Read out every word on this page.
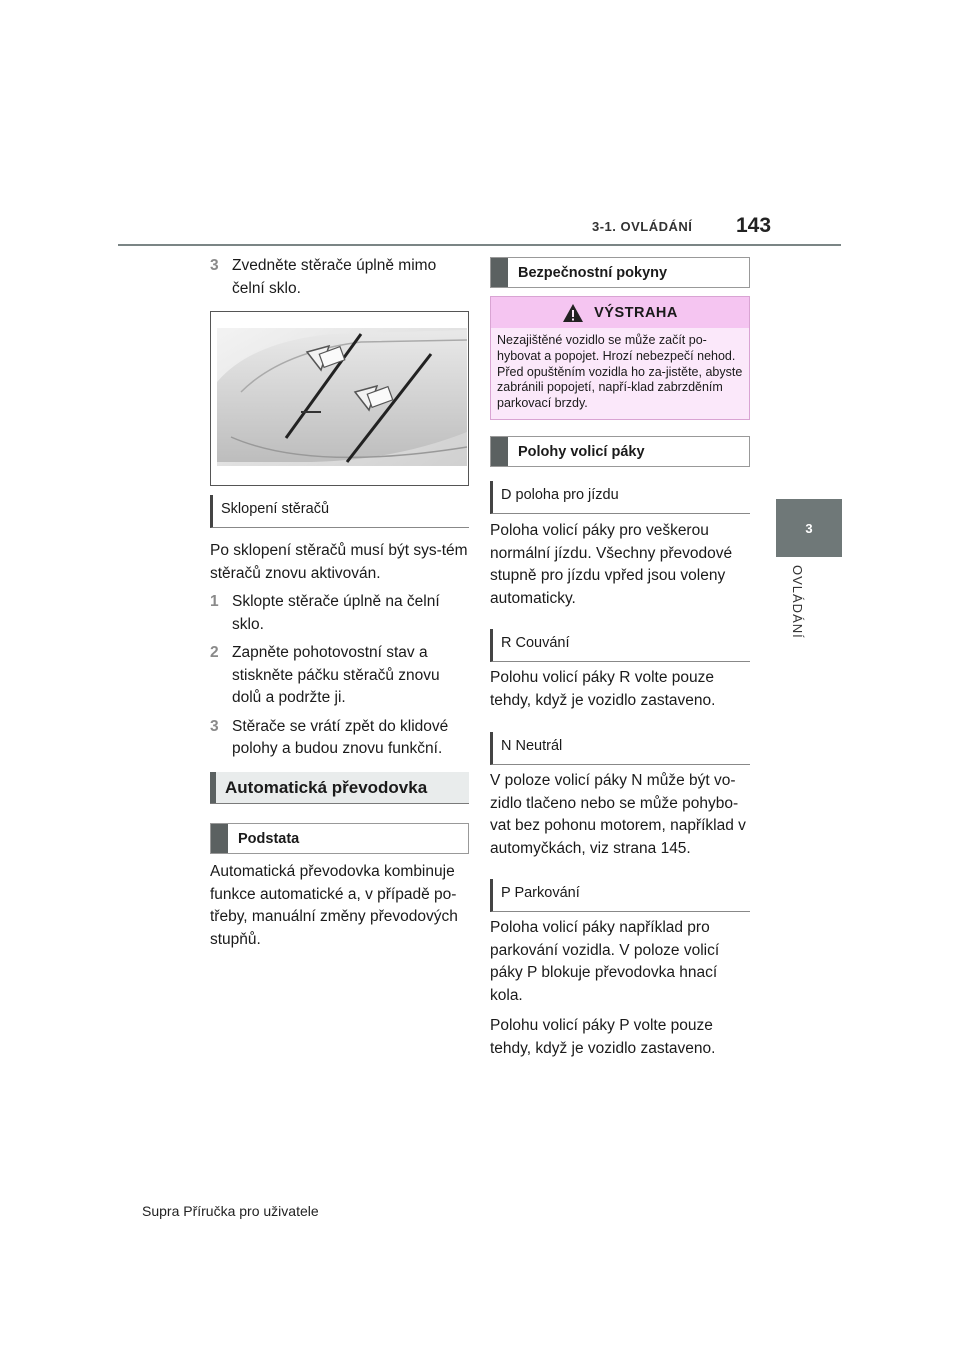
3-1. OVLÁDÁNÍ 143
3
OVLÁDÁNÍ
3 Zvedněte stěrače úplně mimo čelní sklo.
Sklopení stěračů

Po sklopení stěračů musí být sys-tém stěračů znovu aktivován.

1 Sklopte stěrače úplně na čelní sklo.
2 Zapněte pohotovostní stav a stiskněte páčku stěračů znovu dolů a podržte ji.
3 Stěrače se vrátí zpět do klidové polohy a budou znovu funkční.
Automatická převodovka
Podstata

Automatická převodovka kombinuje funkce automatické a, v případě po-třeby, manuální změny převodových stupňů.

Bezpečnostní pokyny
VÝSTRAHA
Nezajištěné vozidlo se může začít po-hybovat a popojet. Hrozí nebezpečí nehod. Před opuštěním vozidla ho za-jistěte, abyste zabránili popojetí, napří-klad zabrzděním parkovací brzdy.
Polohy volicí páky
D poloha pro jízdu

Poloha volicí páky pro veškerou normální jízdu. Všechny převodové stupně pro jízdu vpřed jsou voleny automaticky.

R Couvání

Polohu volicí páky R volte pouze tehdy, když je vozidlo zastaveno.

N Neutrál

V poloze volicí páky N může být vo-zidlo tlačeno nebo se může pohybo-vat bez pohonu motorem, například v automyčkách, viz strana 145.

P Parkování

Poloha volicí páky například pro parkování vozidla. V poloze volicí páky P blokuje převodovka hnací kola.

Polohu volicí páky P volte pouze tehdy, když je vozidlo zastaveno.

Supra Příručka pro uživatele
